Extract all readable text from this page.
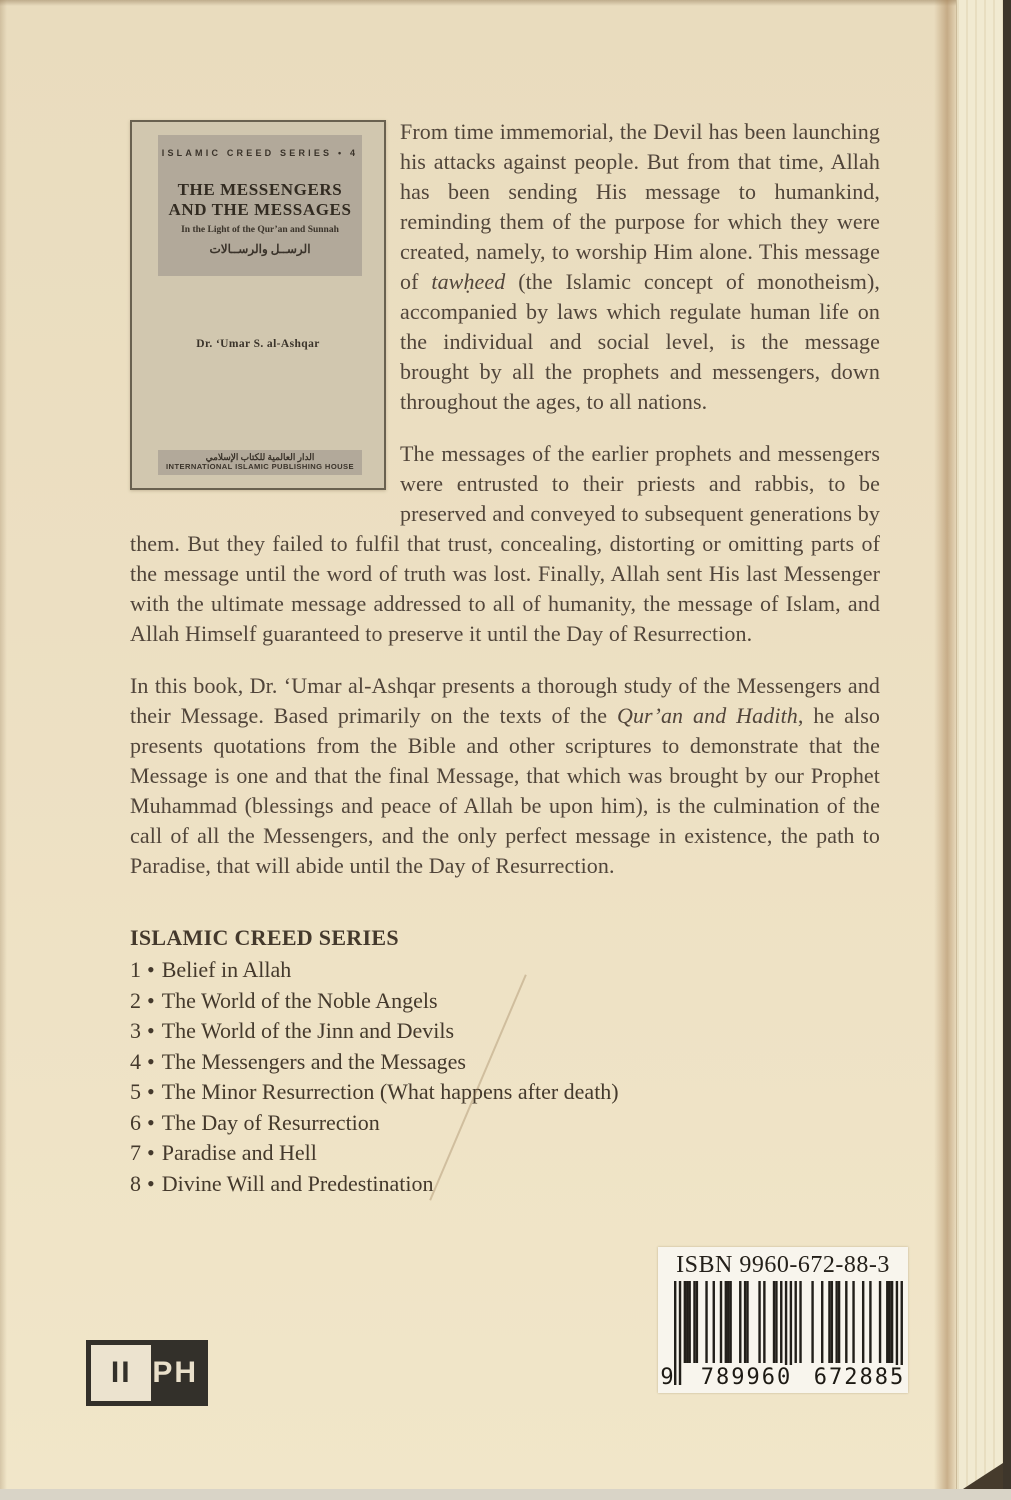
ISLAMIC CREED SERIES • 4
THE MESSENGERS
AND THE MESSAGES
In the Light of the Qur’an and Sunnah
الرســل والرســالات
Dr. ‘Umar S. al-Ashqar
الدار العالمية للكتاب الإسلامي
INTERNATIONAL ISLAMIC PUBLISHING HOUSE

From time immemorial, the Devil has been launching his attacks against people. But from that time, Allah has been sending His message to humankind, reminding them of the purpose for which they were created, namely, to worship Him alone. This message of tawḥeed (the Islamic concept of monotheism), accompanied by laws which regulate human life on the individual and social level, is the message brought by all the prophets and messengers, down throughout the ages, to all nations.

The messages of the earlier prophets and messengers were entrusted to their priests and rabbis, to be preserved and conveyed to subsequent generations by them. But they failed to fulfil that trust, concealing, distorting or omitting parts of the message until the word of truth was lost. Finally, Allah sent His last Messenger with the ultimate message addressed to all of humanity, the message of Islam, and Allah Himself guaranteed to preserve it until the Day of Resurrection.

In this book, Dr. ‘Umar al-Ashqar presents a thorough study of the Messengers and their Message. Based primarily on the texts of the Qur’an and Hadith, he also presents quotations from the Bible and other scriptures to demonstrate that the Message is one and that the final Message, that which was brought by our Prophet Muhammad (blessings and peace of Allah be upon him), is the culmination of the call of all the Messengers, and the only perfect message in existence, the path to Paradise, that will abide until the Day of Resurrection.

ISLAMIC CREED SERIES
1 • Belief in Allah
2 • The World of the Noble Angels
3 • The World of the Jinn and Devils
4 • The Messengers and the Messages
5 • The Minor Resurrection (What happens after death)
6 • The Day of Resurrection
7 • Paradise and Hell
8 • Divine Will and Predestination
ISBN 9960-672-88-3
9 789960 672885
II PH
